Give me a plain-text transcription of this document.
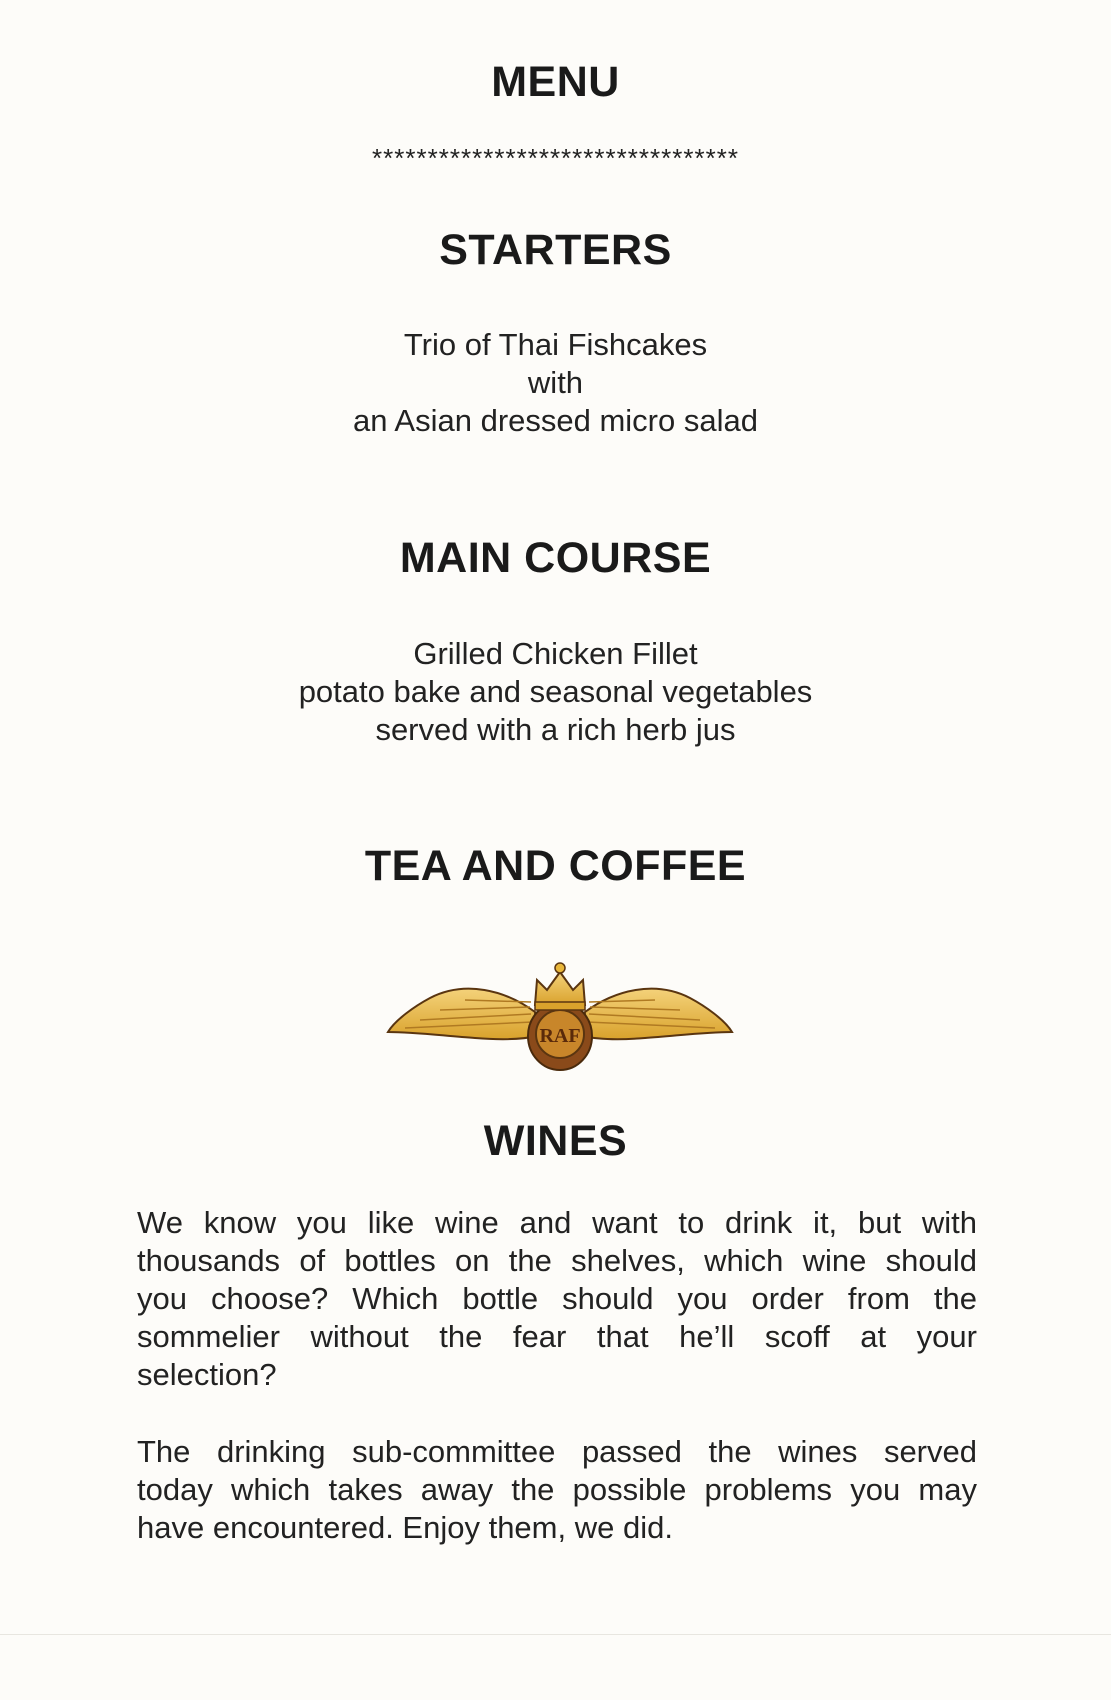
MENU
*********************************
STARTERS
Trio of Thai Fishcakes
with
an Asian dressed micro salad
MAIN COURSE
Grilled Chicken Fillet
potato bake and seasonal vegetables
served with a rich herb jus
TEA AND COFFEE
RAF
WINES
We know you like wine and want to drink it, but with
thousands of bottles on the shelves, which wine should
you choose? Which bottle should you order from the
sommelier without the fear that he’ll scoff at your
selection?
The drinking sub-committee passed the wines served
today which takes away the possible problems you may
have encountered. Enjoy them, we did.
